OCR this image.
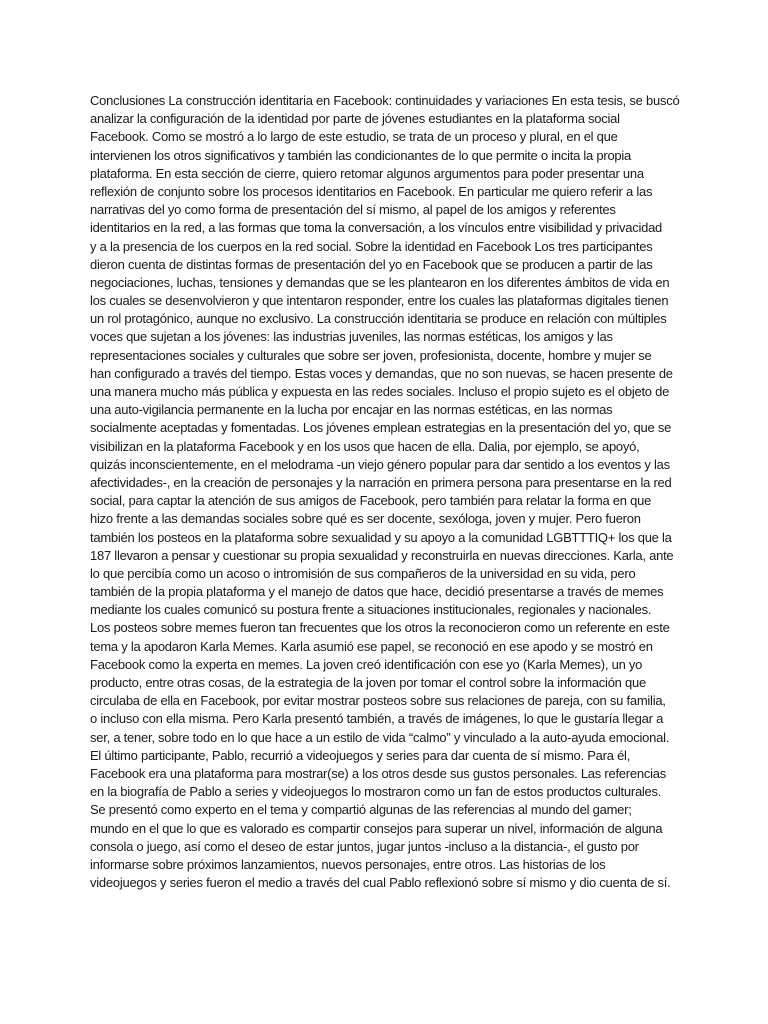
Conclusiones La construcción identitaria en Facebook: continuidades y variaciones En esta tesis, se buscó
analizar la configuración de la identidad por parte de jóvenes estudiantes en la plataforma social
Facebook. Como se mostró a lo largo de este estudio, se trata de un proceso y plural, en el que
intervienen los otros significativos y también las condicionantes de lo que permite o incita la propia
plataforma. En esta sección de cierre, quiero retomar algunos argumentos para poder presentar una
reflexión de conjunto sobre los procesos identitarios en Facebook. En particular me quiero referir a las
narrativas del yo como forma de presentación del sí mismo, al papel de los amigos y referentes
identitarios en la red, a las formas que toma la conversación, a los vínculos entre visibilidad y privacidad
y a la presencia de los cuerpos en la red social. Sobre la identidad en Facebook Los tres participantes
dieron cuenta de distintas formas de presentación del yo en Facebook que se producen a partir de las
negociaciones, luchas, tensiones y demandas que se les plantearon en los diferentes ámbitos de vida en
los cuales se desenvolvieron y que intentaron responder, entre los cuales las plataformas digitales tienen
un rol protagónico, aunque no exclusivo. La construcción identitaria se produce en relación con múltiples
voces que sujetan a los jóvenes: las industrias juveniles, las normas estéticas, los amigos y las
representaciones sociales y culturales que sobre ser joven, profesionista, docente, hombre y mujer se
han configurado a través del tiempo. Estas voces y demandas, que no son nuevas, se hacen presente de
una manera mucho más pública y expuesta en las redes sociales. Incluso el propio sujeto es el objeto de
una auto-vigilancia permanente en la lucha por encajar en las normas estéticas, en las normas
socialmente aceptadas y fomentadas. Los jóvenes emplean estrategias en la presentación del yo, que se
visibilizan en la plataforma Facebook y en los usos que hacen de ella. Dalia, por ejemplo, se apoyó,
quizás inconscientemente, en el melodrama -un viejo género popular para dar sentido a los eventos y las
afectividades-, en la creación de personajes y la narración en primera persona para presentarse en la red
social, para captar la atención de sus amigos de Facebook, pero también para relatar la forma en que
hizo frente a las demandas sociales sobre qué es ser docente, sexóloga, joven y mujer. Pero fueron
también los posteos en la plataforma sobre sexualidad y su apoyo a la comunidad LGBTTTIQ+ los que la
187 llevaron a pensar y cuestionar su propia sexualidad y reconstruirla en nuevas direcciones. Karla, ante
lo que percibía como un acoso o intromisión de sus compañeros de la universidad en su vida, pero
también de la propia plataforma y el manejo de datos que hace, decidió presentarse a través de memes
mediante los cuales comunicó su postura frente a situaciones institucionales, regionales y nacionales.
Los posteos sobre memes fueron tan frecuentes que los otros la reconocieron como un referente en este
tema y la apodaron Karla Memes. Karla asumió ese papel, se reconoció en ese apodo y se mostró en
Facebook como la experta en memes. La joven creó identificación con ese yo (Karla Memes), un yo
producto, entre otras cosas, de la estrategia de la joven por tomar el control sobre la información que
circulaba de ella en Facebook, por evitar mostrar posteos sobre sus relaciones de pareja, con su familia,
o incluso con ella misma. Pero Karla presentó también, a través de imágenes, lo que le gustaría llegar a
ser, a tener, sobre todo en lo que hace a un estilo de vida “calmo” y vinculado a la auto-ayuda emocional.
El último participante, Pablo, recurrió a videojuegos y series para dar cuenta de sí mismo. Para él,
Facebook era una plataforma para mostrar(se) a los otros desde sus gustos personales. Las referencias
en la biografía de Pablo a series y videojuegos lo mostraron como un fan de estos productos culturales.
Se presentó como experto en el tema y compartió algunas de las referencias al mundo del gamer;
mundo en el que lo que es valorado es compartir consejos para superar un nivel, información de alguna
consola o juego, así como el deseo de estar juntos, jugar juntos -incluso a la distancia-, el gusto por
informarse sobre próximos lanzamientos, nuevos personajes, entre otros. Las historias de los
videojuegos y series fueron el medio a través del cual Pablo reflexionó sobre sí mismo y dio cuenta de sí.
